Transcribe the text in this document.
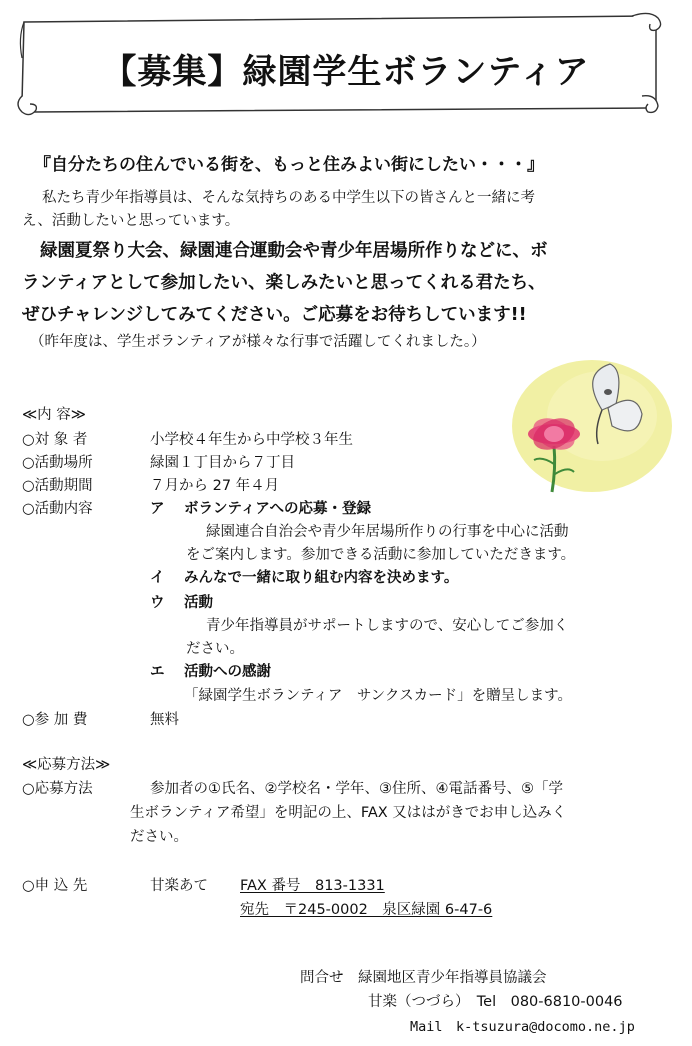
【募集】緑園学生ボランティア
『自分たちの住んでいる街を、もっと住みよい街にしたい・・・』
私たち青少年指導員は、そんな気持ちのある中学生以下の皆さんと一緒に考
え、活動したいと思っています。
緑園夏祭り大会、緑園連合運動会や青少年居場所作りなどに、ボ
ランティアとして参加したい、楽しみたいと思ってくれる君たち、
ぜひチャレンジしてみてください。ご応募をお待ちしています!!
（昨年度は、学生ボランティアが様々な行事で活躍してくれました。）
≪内 容≫
○対 象 者	小学校４年生から中学校３年生
○活動場所	緑園１丁目から７丁目
○活動期間	７月から 27 年４月
○活動内容	ア ボランティアへの応募・登録
緑園連合自治会や青少年居場所作りの行事を中心に活動
をご案内します。参加できる活動に参加していただきます。
イ みんなで一緒に取り組む内容を決めます。
ウ 活動
青少年指導員がサポートしますので、安心してご参加く
ださい。
エ 活動への感謝
「緑園学生ボランティア　サンクスカード」を贈呈します。
○参 加 費	無料
≪応募方法≫
○応募方法	参加者の①氏名、②学校名・学年、③住所、④電話番号、⑤「学
生ボランティア希望」を明記の上、FAX 又ははがきでお申し込みく
ださい。
○申 込 先	甘楽あて FAX 番号　813-1331
宛先　〒245-0002　泉区緑園 6-47-6
問合せ　緑園地区青少年指導員協議会
甘楽（つづら）　Tel　080-6810-0046
Mail　k-tsuzura@docomo.ne.jp
